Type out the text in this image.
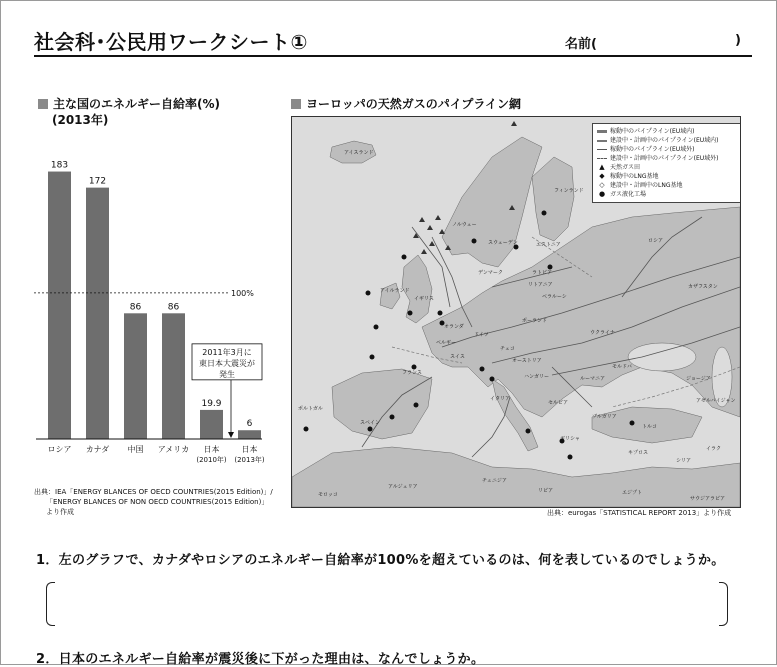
社会科･公民用ワークシート①	名前(	)
主な国のエネルギー自給率(%)
(2013年)
183
ロシア
172
カナダ
86
中国
86
アメリカ
19.9
日本
(2010年)
6
日本
(2013年)
100%
2011年3月に
東日本大震災が
発生
出典：IEA「ENERGY BLANCES OF OECD COUNTRIES(2015 Edition)」/
「ENERGY BLANCES OF NON OECD COUNTRIES(2015 Edition)」
より作成
ヨーロッパの天然ガスのパイプライン網
稼動中のパイプライン(EU域内)
建設中・計画中のパイプライン(EU域内)
稼動中のパイプライン(EU域外)
建設中・計画中のパイプライン(EU域外)
▲ 天然ガス田
◆ 稼動中のLNG基地
◇ 建設中・計画中のLNG基地
● ガス液化工場
アイスランド
ノルウェー
フィンランド
スウェーデン	エストニア
ロシア
ラトビア
リトアニア
ベラルーシ
カザフスタン
アイルランド
イギリス
デンマーク
オランダ
ドイツ
ポーランド
ベルギー
チェコ
ウクライナ
フランス
スイス
オーストリア
ハンガリー	ルーマニア
モルドバ
イタリア
セルビア
ブルガリア
ポルトガル
スペイン
ギリシャ
トルコ
ジョージア
アゼルバイジャン
キプロス
シリア
イラク
モロッコ
アルジェリア
チュニジア
リビア	エジプト
サウジアラビア
出典：eurogas「STATISTICAL REPORT 2013」より作成
1．左のグラフで、カナダやロシアのエネルギー自給率が100%を超えているのは、何を表しているのでしょうか。
2．日本のエネルギー自給率が震災後に下がった理由は、なんでしょうか。
